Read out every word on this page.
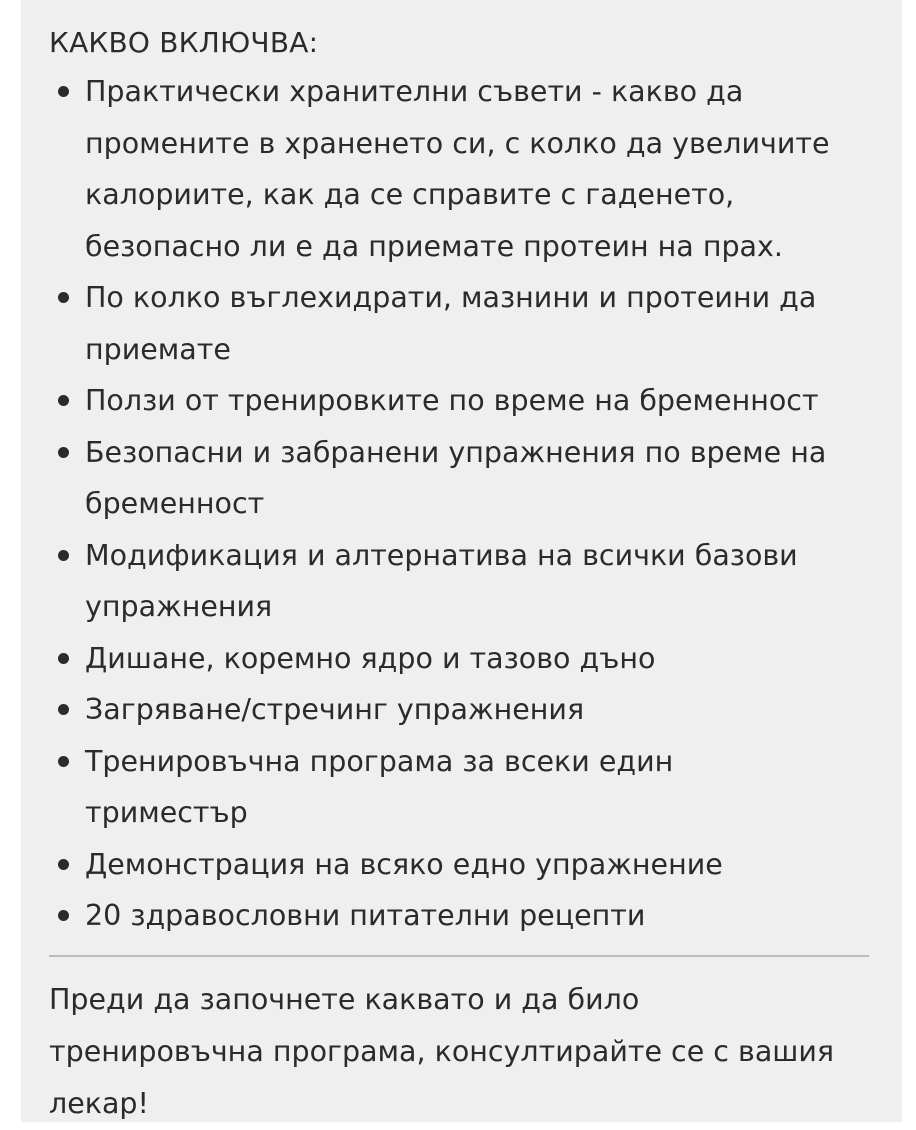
КАКВО ВКЛЮЧВА:
Практически хранителни съвети - какво да
промените в храненето си, с колко да увеличите
калориите, как да се справите с гаденето,
безопасно ли е да приемате протеин на прах.
По колко въглехидрати, мазнини и протеини да
приемате
Ползи от тренировките по време на бременност
Безопасни и забранени упражнения по време на
бременност
Модификация и алтернатива на всички базови
упражнения
Дишане, коремно ядро и тазово дъно
Загряване/стречинг упражнения
Тренировъчна програма за всеки един
триместър
Демонстрация на всяко едно упражнение
20 здравословни питателни рецепти

Преди да започнете каквато и да било
тренировъчна програма, консултирайте се с вашия
лекар!
